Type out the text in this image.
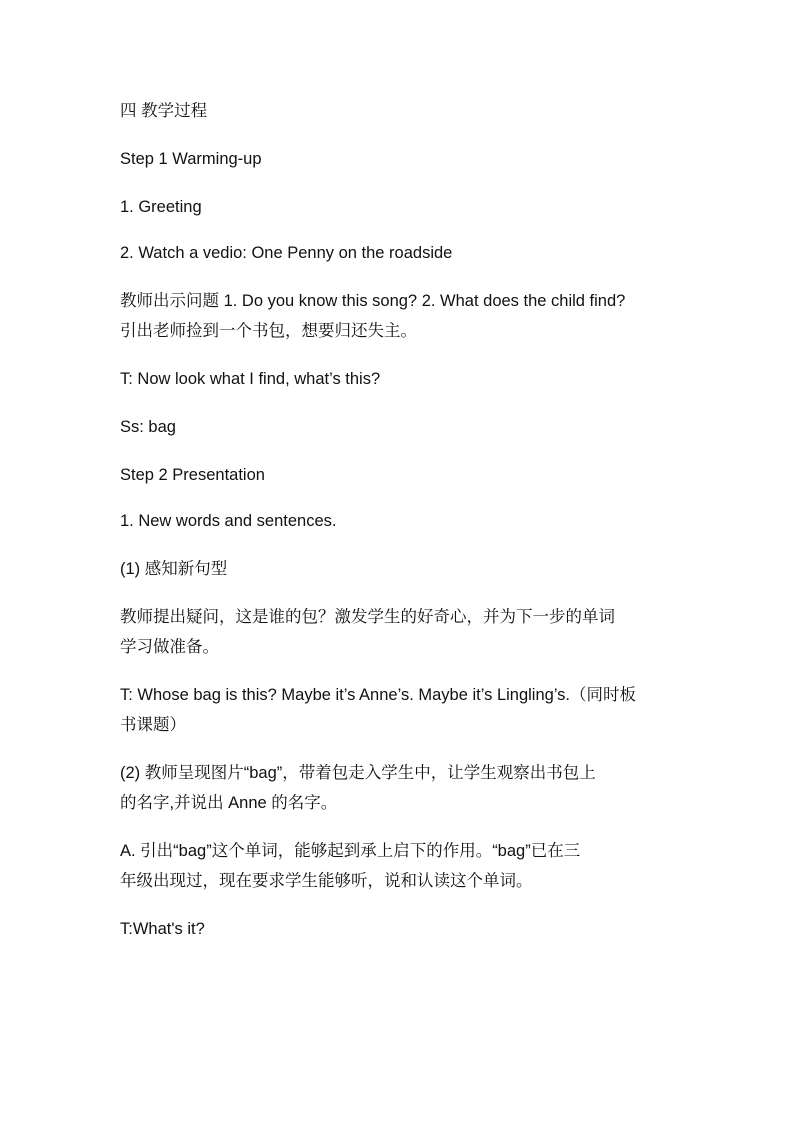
四 教学过程

Step 1 Warming-up

1. Greeting

2. Watch a vedio: One Penny on the roadside

教师出示问题 1. Do you know this song? 2. What does the child find?

引出老师捡到一个书包，想要归还失主。

T: Now look what I find, what’s this?

Ss: bag

Step 2 Presentation

1. New words and sentences.

(1) 感知新句型

教师提出疑问，这是谁的包？激发学生的好奇心，并为下一步的单词

学习做准备。

T: Whose bag is this? Maybe it’s Anne’s. Maybe it’s Lingling’s.（同时板

书课题）

(2) 教师呈现图片“bag”，带着包走入学生中，让学生观察出书包上

的名字,并说出 Anne 的名字。

A. 引出“bag”这个单词，能够起到承上启下的作用。“bag”已在三

年级出现过，现在要求学生能够听，说和认读这个单词。

T:What's it?
